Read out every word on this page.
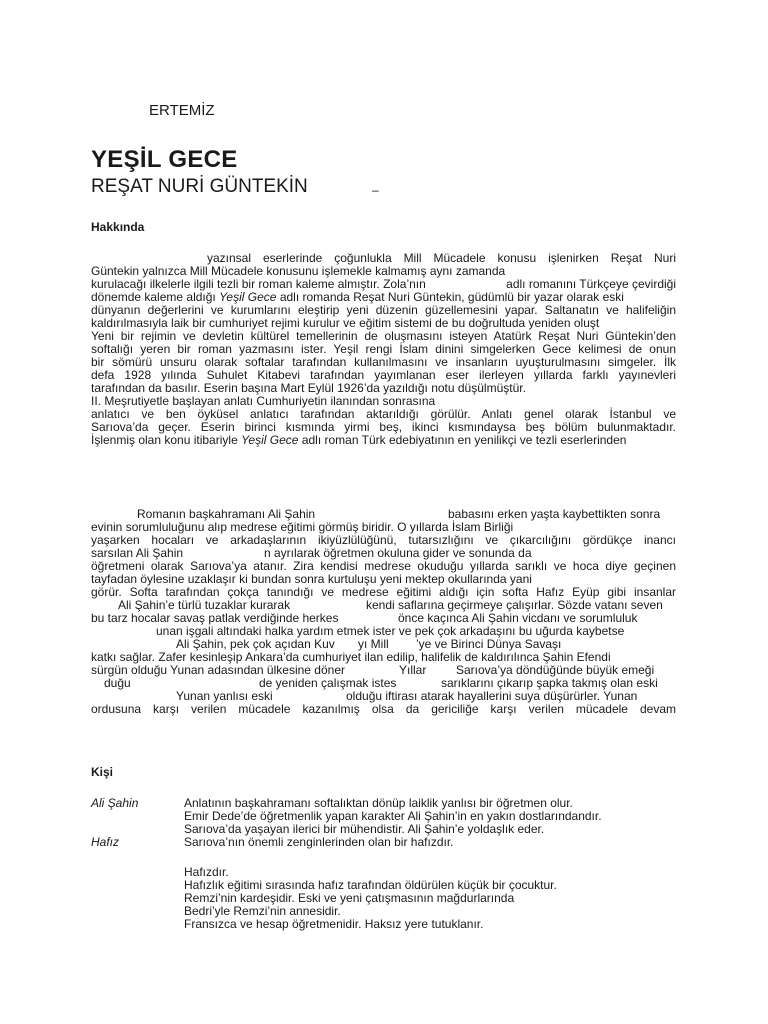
ERTEMİZ
YEŞİL GECE
REŞAT NURİ GÜNTEKİN	–
Hakkında
yazınsal eserlerinde çoğunlukla Mill Mücadele konusu işlenirken Reşat Nuri
Güntekin yalnızca Mill Mücadele konusunu işlemekle kalmamış aynı zamanda
kurulacağı ilkelerle ilgili tezli bir roman kaleme almıştır. Zola’nın	adlı romanını Türkçeye çevirdiği
dönemde kaleme aldığı Yeşil Gece adlı romanda Reşat Nuri Güntekin, güdümlü bir yazar olarak eski
dünyanın değerlerini ve kurumlarını eleştirip yeni düzenin güzellemesini yapar. Saltanatın ve halifeliğin
kaldırılmasıyla laik bir cumhuriyet rejimi kurulur ve eğitim sistemi de bu doğrultuda yeniden oluşt
Yeni bir rejimin ve devletin kültürel temellerinin de oluşmasını isteyen Atatürk Reşat Nuri Güntekin’den
softalığı yeren bir roman yazmasını ister. Yeşil rengi İslam dinini simgelerken Gece kelimesi de onun
bir sömürü unsuru olarak softalar tarafından kullanılmasını ve insanların uyuşturulmasını simgeler. İlk
defa 1928 yılında Suhulet Kitabevi tarafından yayımlanan eser ilerleyen yıllarda farklı yayınevleri
tarafından da basılır. Eserin başına Mart Eylül 1926’da yazıldığı notu düşülmüştür.
II. Meşrutiyetle başlayan anlatı Cumhuriyetin ilanından sonrasına
anlatıcı ve ben öyküsel anlatıcı tarafından aktarıldığı görülür. Anlatı genel olarak İstanbul ve
Sarıova’da geçer. Eserin birinci kısmında yirmi beş, ikinci kısmındaysa beş bölüm bulunmaktadır.
İşlenmiş olan konu itibariyle Yeşil Gece adlı roman Türk edebiyatının en yenilikçi ve tezli eserlerinden
Romanın başkahramanı Ali Şahin	babasını erken yaşta kaybettikten sonra
evinin sorumluluğunu alıp medrese eğitimi görmüş biridir. O yıllarda İslam Birliği
yaşarken hocaları ve arkadaşlarının ikiyüzlülüğünü, tutarsızlığını ve çıkarcılığını gördükçe inancı
sarsılan Ali Şahin	n ayrılarak öğretmen okuluna gider ve sonunda da
öğretmeni olarak Sarıova’ya atanır. Zira kendisi medrese okuduğu yıllarda sarıklı ve hoca diye geçinen
tayfadan öylesine uzaklaşır ki bundan sonra kurtuluşu yeni mektep okullarında yani
görür. Softa tarafından çokça tanındığı ve medrese eğitimi aldığı için softa Hafız Eyüp gibi insanlar
Ali Şahin’e türlü tuzaklar kurarak	kendi saflarına geçirmeye çalışırlar. Sözde vatanı seven
bu tarz hocalar savaş patlak verdiğinde herkes	önce kaçınca Ali Şahin vicdanı ve sorumluluk
unan işgali altındaki halka yardım etmek ister ve pek çok arkadaşını bu uğurda kaybetse
Ali Şahin, pek çok açıdan Kuv yı Mill ’ye ve Birinci Dünya Savaşı
katkı sağlar. Zafer kesinleşip Ankara’da cumhuriyet ilan edilip, halifelik de kaldırılınca Şahin Efendi
sürgün olduğu Yunan adasından ülkesine döner	Yıllar Sarıova’ya döndüğünde büyük emeği
duğu	de yeniden çalışmak istes	sarıklarını çıkarıp şapka takmış olan eski
Yunan yanlısı eski	olduğu iftirası atarak hayallerini suya düşürürler. Yunan
ordusuna karşı verilen mücadele kazanılmış olsa da gericiliğe karşı verilen mücadele devam
Kişi
Ali Şahin	Anlatının başkahramanı softalıktan dönüp laiklik yanlısı bir öğretmen olur.
Emir Dede’de öğretmenlik yapan karakter Ali Şahin’in en yakın dostlarındandır.
Sarıova’da yaşayan ilerici bir mühendistir. Ali Şahin’e yoldaşlık eder.
Hafız	Sarıova’nın önemli zenginlerinden olan bir hafızdır.
Hafızdır.
Hafızlık eğitimi sırasında hafız tarafından öldürülen küçük bir çocuktur.
Remzi’nin kardeşidir. Eski ve yeni çatışmasının mağdurlarında
Bedri’yle Remzi’nin annesidir.
Fransızca ve hesap öğretmenidir. Haksız yere tutuklanır.
